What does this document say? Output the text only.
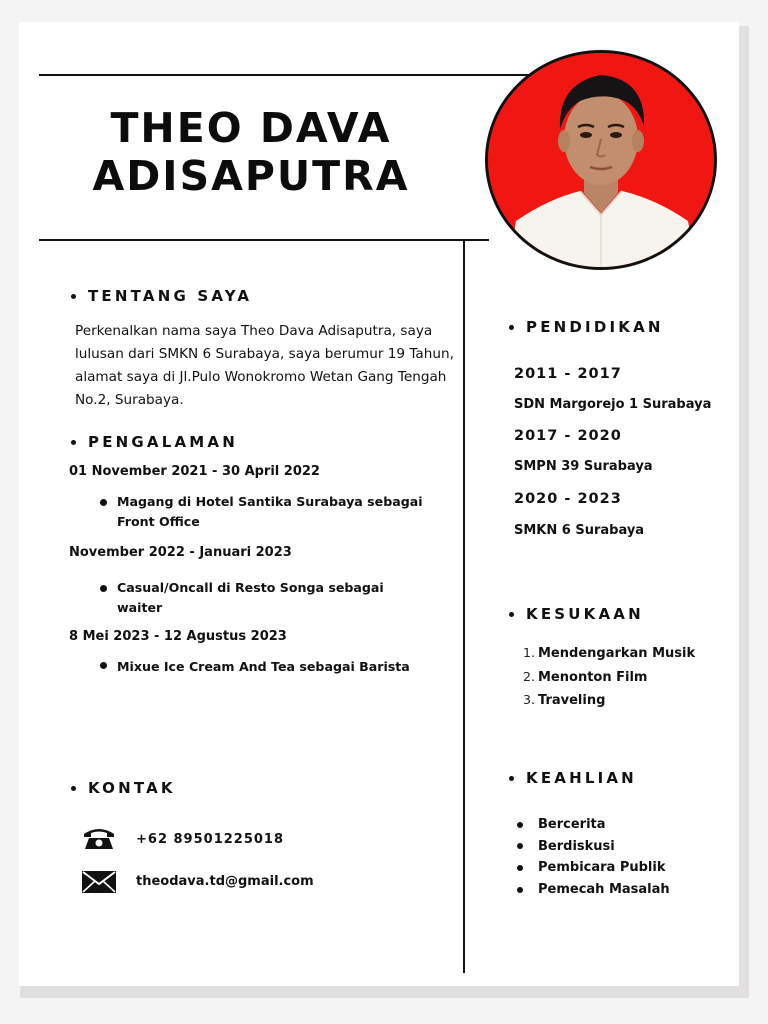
THEO DAVA
ADISAPUTRA
TENTANG SAYA
Perkenalkan nama saya Theo Dava Adisaputra, saya lulusan dari SMKN 6 Surabaya, saya berumur 19 Tahun, alamat saya di Jl.Pulo Wonokromo Wetan Gang Tengah No.2, Surabaya.
PENGALAMAN
01 November 2021 - 30 April 2022
Magang di Hotel Santika Surabaya sebagai Front Office
November 2022 - Januari 2023
Casual/Oncall di Resto Songa sebagai waiter
8 Mei 2023 - 12 Agustus 2023
Mixue Ice Cream And Tea sebagai Barista
KONTAK
+62 89501225018
theodava.td@gmail.com
PENDIDIKAN
2011 - 2017
SDN Margorejo 1 Surabaya
2017 - 2020
SMPN 39 Surabaya
2020 - 2023
SMKN 6 Surabaya
KESUKAAN
1. Mendengarkan Musik
2. Menonton Film
3. Traveling
KEAHLIAN
Bercerita
Berdiskusi
Pembicara Publik
Pemecah Masalah
